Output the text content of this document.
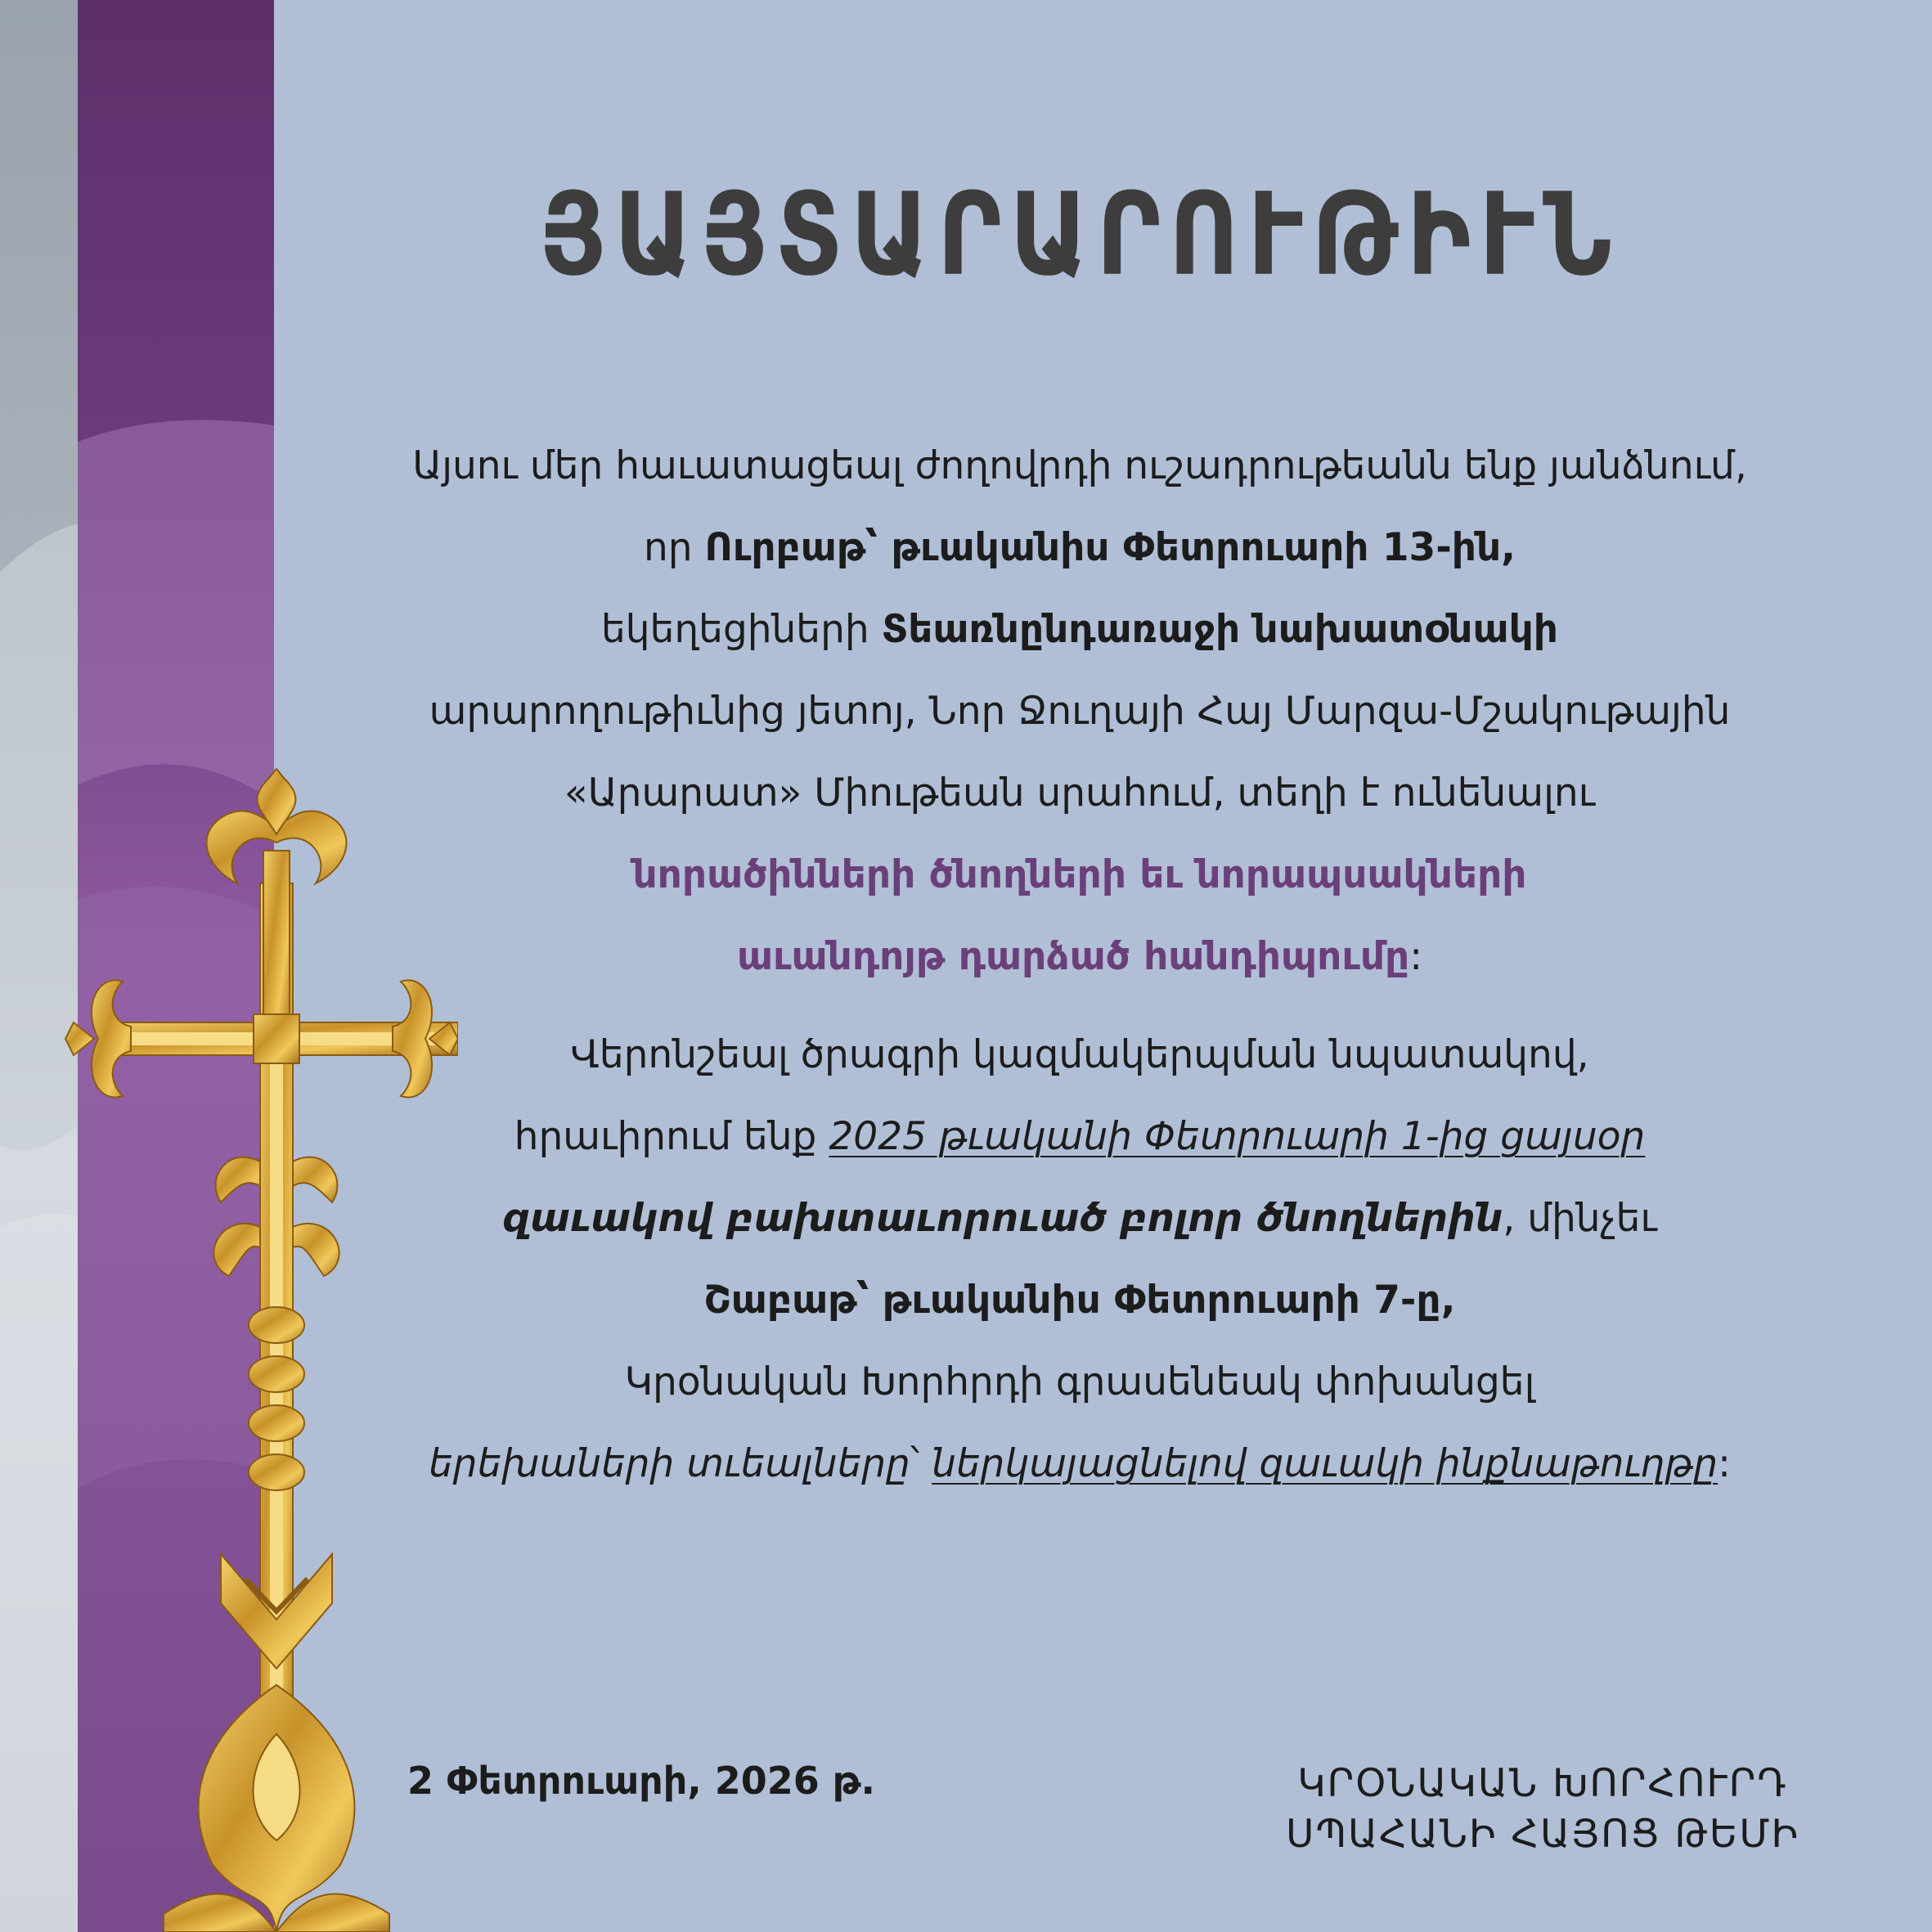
ՅԱՅՏԱՐԱՐՈՒԹԻՒՆ
Այսու մեր հաւատացեալ ժողովրդի ուշադրութեանն ենք յանձնում,
որ Ուրբաթ՝ թւականիս Փետրուարի 13-ին,
եկեղեցիների Տեառնընդառաջի նախատօնակի
արարողութիւնից յետոյ, Նոր Ջուղայի Հայ Մարզա-Մշակութային
«Արարատ» Միութեան սրահում, տեղի է ունենալու
նորածինների ծնողների եւ նորապսակների
աւանդոյթ դարձած հանդիպումը:
Վերոնշեալ ծրագրի կազմակերպման նպատակով,
հրաւիրում ենք 2025 թւականի Փետրուարի 1-ից ցայսօր
զաւակով բախտաւորուած բոլոր ծնողներին, մինչեւ
Շաբաթ՝ թւականիս Փետրուարի 7-ը,
Կրօնական Խորհրդի գրասենեակ փոխանցել
երեխաների տւեալները՝ ներկայացնելով զաւակի ինքնաթուղթը:
2 Փետրուարի, 2026 թ.	ԿՐՕՆԱԿԱՆ ԽՈՐՀՈՒՐԴ
ՍՊԱՀԱՆԻ ՀԱՅՈՑ ԹԵՄԻ
